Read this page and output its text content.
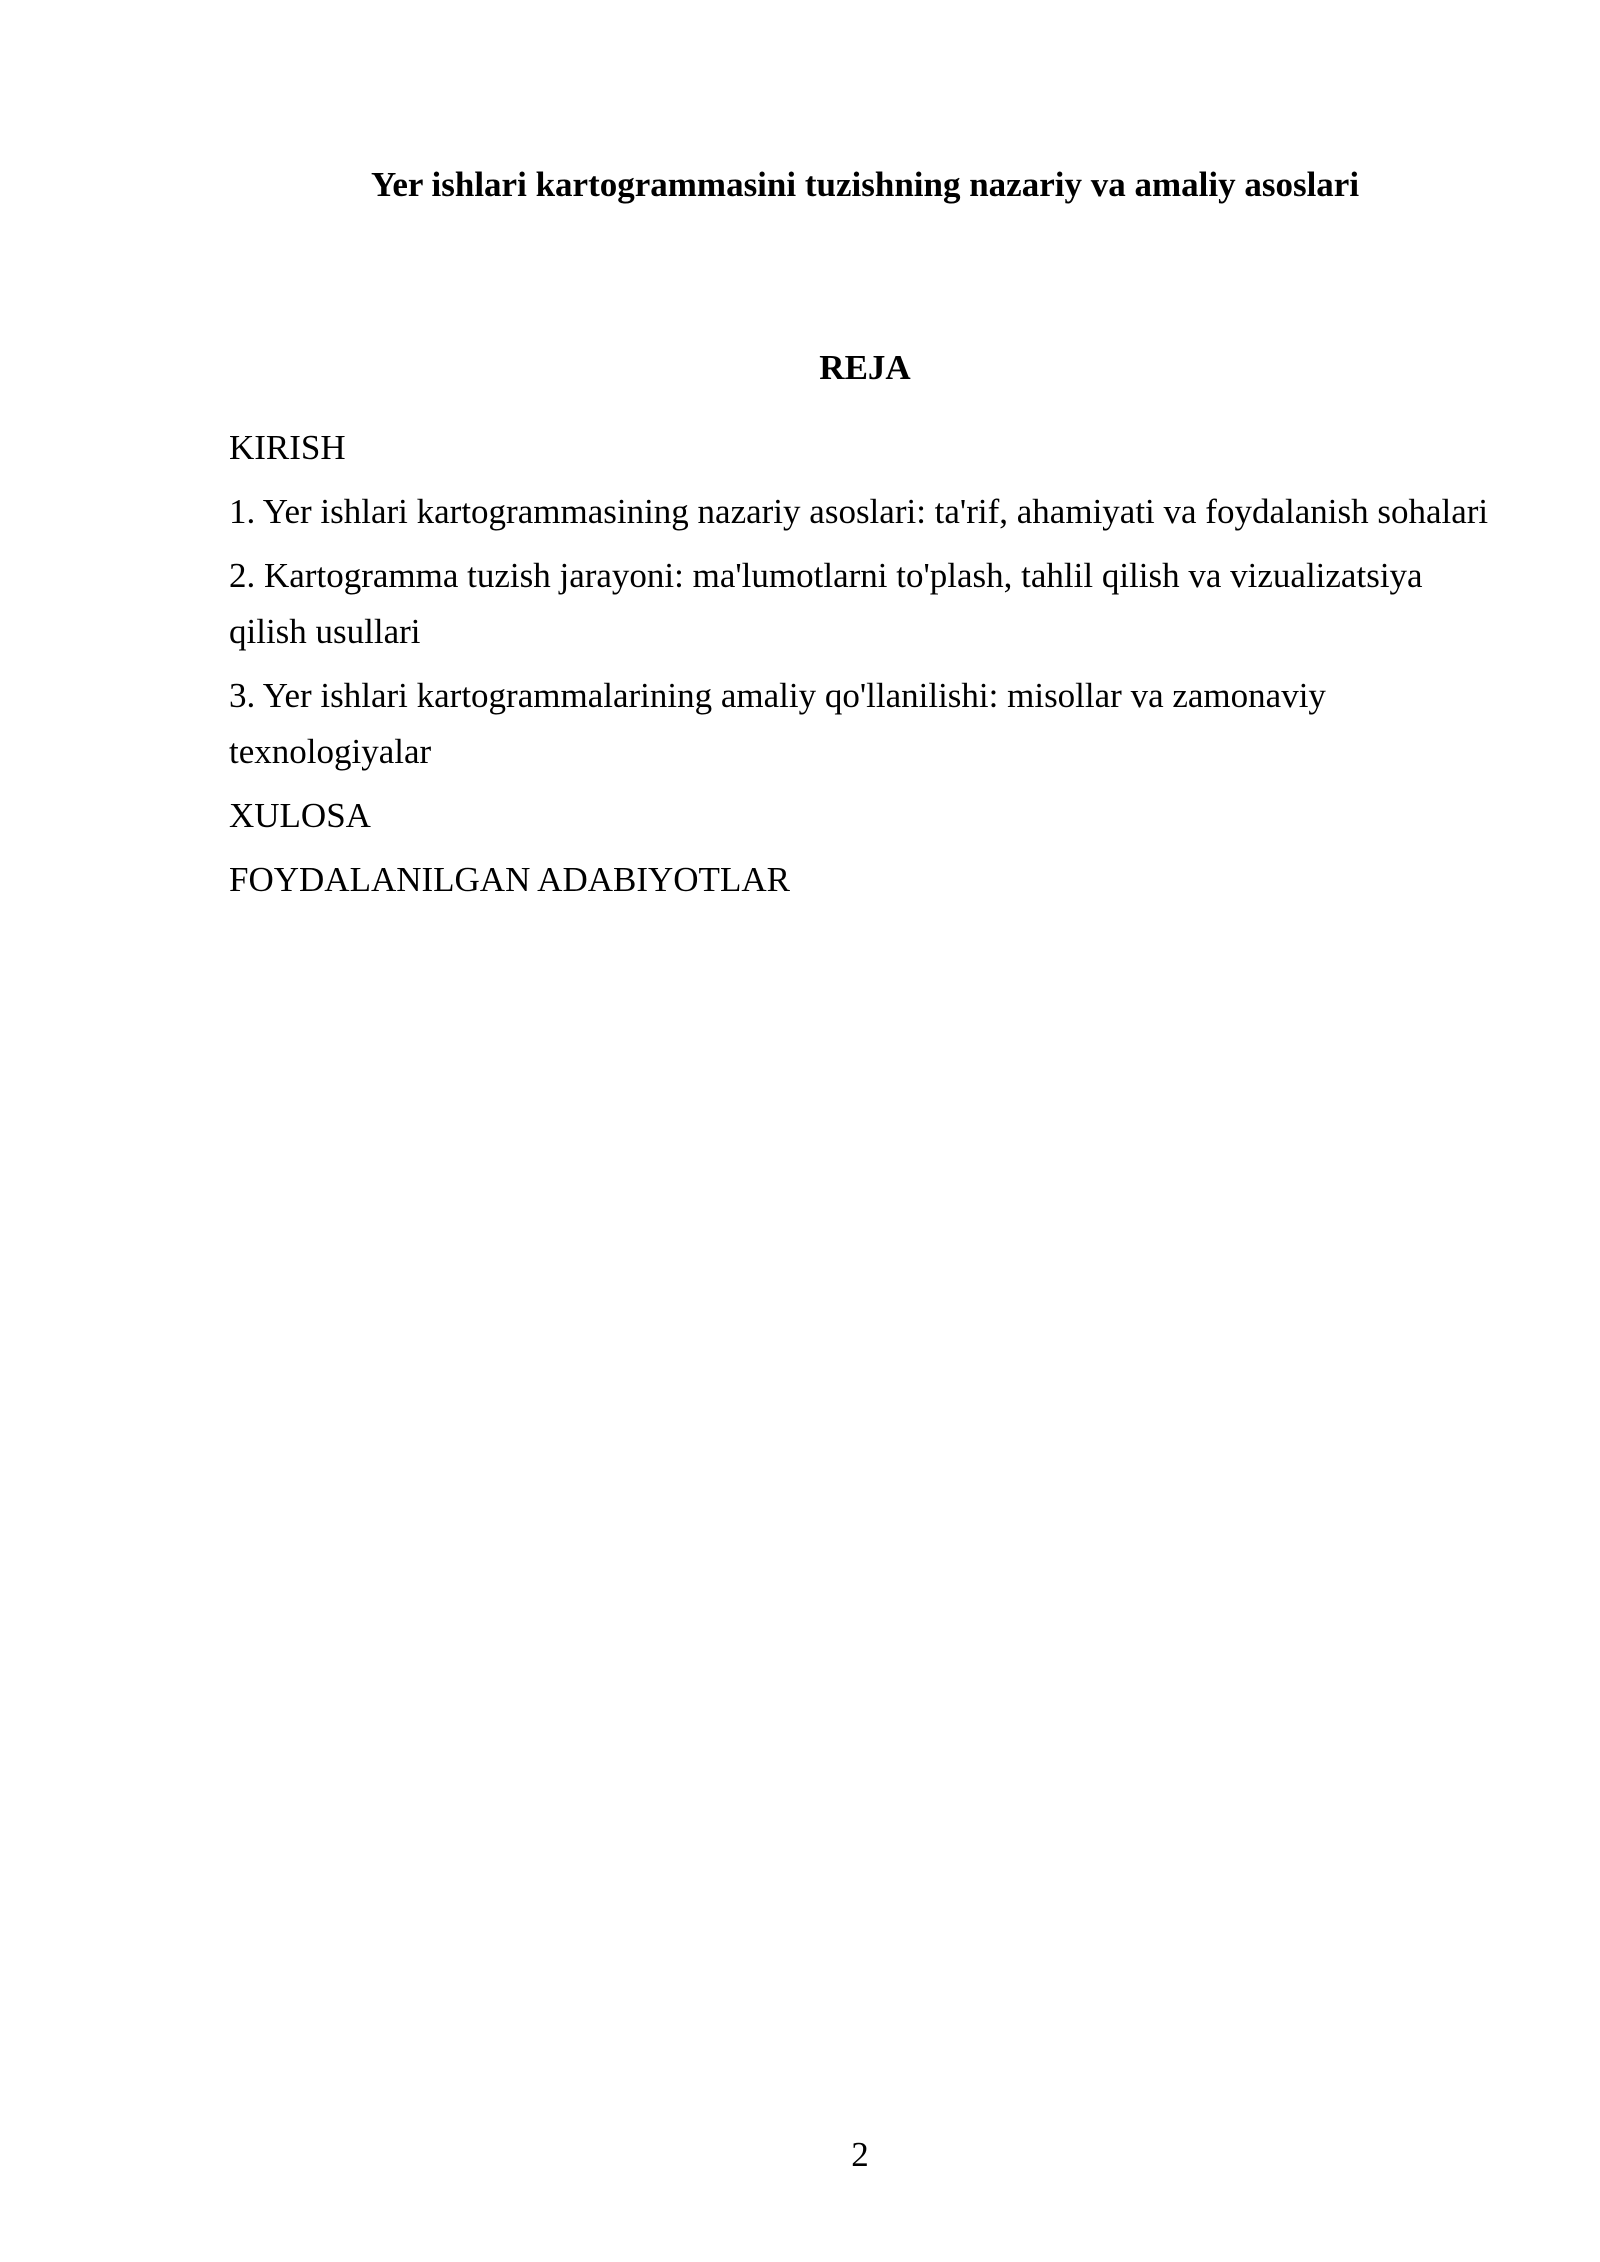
Yer ishlari kartogrammasini tuzishning nazariy va amaliy asoslari
REJA
KIRISH
1. Yer ishlari kartogrammasining nazariy asoslari: ta'rif, ahamiyati va foydalanish sohalari
2. Kartogramma tuzish jarayoni: ma'lumotlarni to'plash, tahlil qilish va vizualizatsiya qilish usullari
3. Yer ishlari kartogrammalarining amaliy qo'llanilishi: misollar va zamonaviy texnologiyalar
XULOSA
FOYDALANILGAN ADABIYOTLAR
2
